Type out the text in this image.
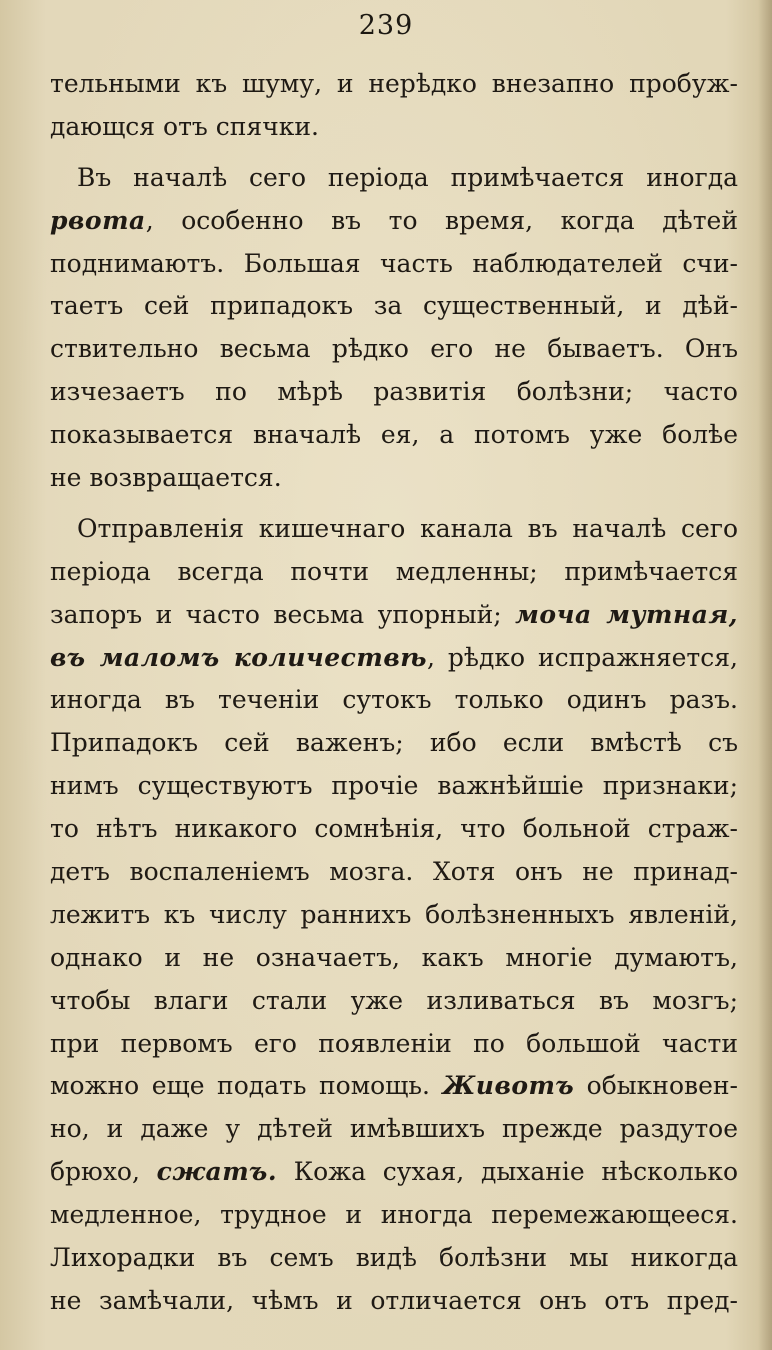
239
тельными къ шуму, и нерѣдко внезапно пробуж-
дающся отъ спячки.
Въ началѣ сего періода примѣчается иногда
рвота, особенно въ то время, когда дѣтей
поднимаютъ. Большая часть наблюдателей счи-
таетъ сей припадокъ за существенный, и дѣй-
ствительно весьма рѣдко его не бываетъ. Онъ
изчезаетъ по мѣрѣ развитія болѣзни; часто
показывается вначалѣ ея, а потомъ уже болѣе
не возвращается.
Отправленія кишечнаго канала въ началѣ сего
періода всегда почти медленны; примѣчается
запоръ и часто весьма упорный; моча мутная,
въ маломъ количествѣ, рѣдко испражняется,
иногда въ теченіи сутокъ только одинъ разъ.
Припадокъ сей важенъ; ибо если вмѣстѣ съ
нимъ существуютъ прочіе важнѣйшіе признаки;
то нѣтъ никакого сомнѣнія, что больной страж-
детъ воспаленіемъ мозга. Хотя онъ не принад-
лежитъ къ числу раннихъ болѣзненныхъ явленій,
однако и не означаетъ, какъ многіе думаютъ,
чтобы влаги стали уже изливаться въ мозгъ;
при первомъ его появленіи по большой части
можно еще подать помощь. Животъ обыкновен-
но, и даже у дѣтей имѣвшихъ прежде раздутое
брюхо, сжатъ. Кожа сухая, дыханіе нѣсколько
медленное, трудное и иногда перемежающееся.
Лихорадки въ семъ видѣ болѣзни мы никогда
не замѣчали, чѣмъ и отличается онъ отъ пред-
